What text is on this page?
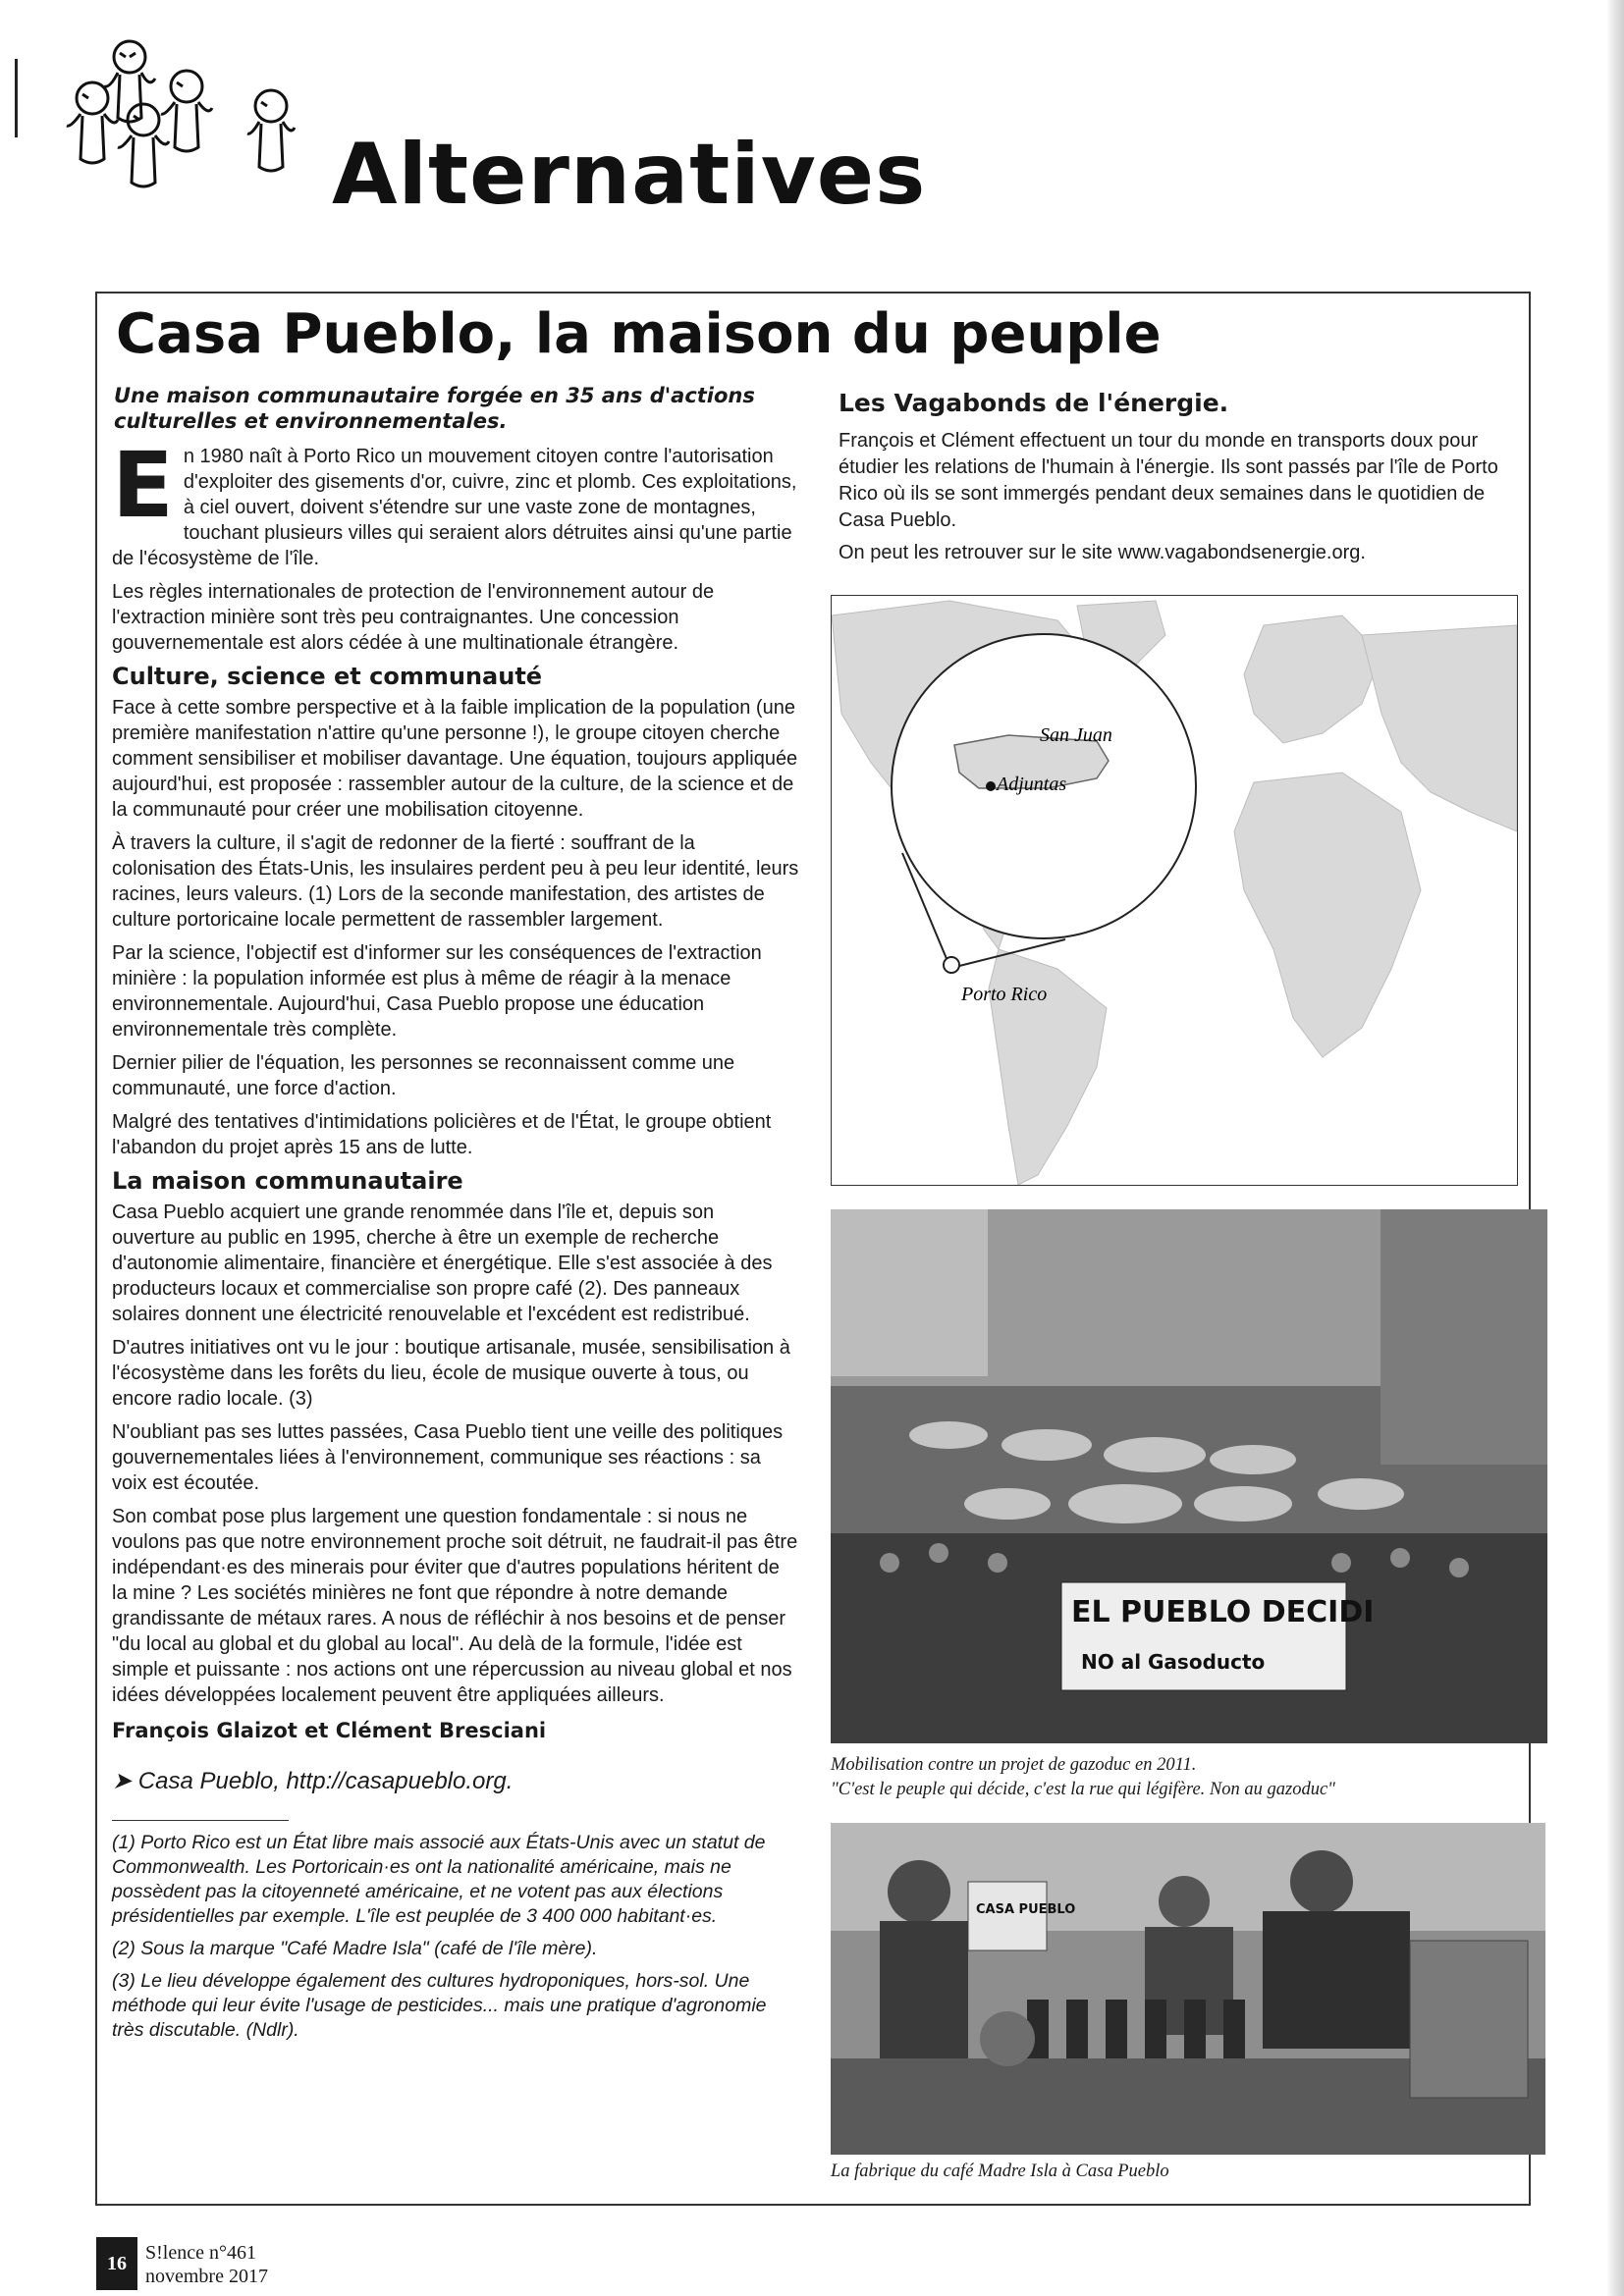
Alternatives
Casa Pueblo, la maison du peuple
Une maison communautaire forgée en 35 ans d'actions culturelles et environnementales.

En 1980 naît à Porto Rico un mouvement citoyen contre l'autorisation d'exploiter des gisements d'or, cuivre, zinc et plomb. Ces exploitations, à ciel ouvert, doivent s'étendre sur une vaste zone de montagnes, touchant plusieurs villes qui seraient alors détruites ainsi qu'une partie de l'écosystème de l'île.

Les règles internationales de protection de l'environnement autour de l'extraction minière sont très peu contraignantes. Une concession gouvernementale est alors cédée à une multinationale étrangère.

Culture, science et communauté

Face à cette sombre perspective et à la faible implication de la population (une première manifestation n'attire qu'une personne !), le groupe citoyen cherche comment sensibiliser et mobiliser davantage. Une équation, toujours appliquée aujourd'hui, est proposée : rassembler autour de la culture, de la science et de la communauté pour créer une mobilisation citoyenne.

À travers la culture, il s'agit de redonner de la fierté : souffrant de la colonisation des États-Unis, les insulaires perdent peu à peu leur identité, leurs racines, leurs valeurs. (1) Lors de la seconde manifestation, des artistes de culture portoricaine locale permettent de rassembler largement.

Par la science, l'objectif est d'informer sur les conséquences de l'extraction minière : la population informée est plus à même de réagir à la menace environnementale. Aujourd'hui, Casa Pueblo propose une éducation environnementale très complète.

Dernier pilier de l'équation, les personnes se reconnaissent comme une communauté, une force d'action.

Malgré des tentatives d'intimidations policières et de l'État, le groupe obtient l'abandon du projet après 15 ans de lutte.

La maison communautaire

Casa Pueblo acquiert une grande renommée dans l'île et, depuis son ouverture au public en 1995, cherche à être un exemple de recherche d'autonomie alimentaire, financière et énergétique. Elle s'est associée à des producteurs locaux et commercialise son propre café (2). Des panneaux solaires donnent une électricité renouvelable et l'excédent est redistribué.

D'autres initiatives ont vu le jour : boutique artisanale, musée, sensibilisation à l'écosystème dans les forêts du lieu, école de musique ouverte à tous, ou encore radio locale. (3)

N'oubliant pas ses luttes passées, Casa Pueblo tient une veille des politiques gouvernementales liées à l'environnement, communique ses réactions : sa voix est écoutée.

Son combat pose plus largement une question fondamentale : si nous ne voulons pas que notre environnement proche soit détruit, ne faudrait-il pas être indépendant·es des minerais pour éviter que d'autres populations héritent de la mine ? Les sociétés minières ne font que répondre à notre demande grandissante de métaux rares. A nous de réfléchir à nos besoins et de penser "du local au global et du global au local". Au delà de la formule, l'idée est simple et puissante : nos actions ont une répercussion au niveau global et nos idées développées localement peuvent être appliquées ailleurs.

François Glaizot et Clément Bresciani

➤ Casa Pueblo, http://casapueblo.org.

(1) Porto Rico est un État libre mais associé aux États-Unis avec un statut de Commonwealth. Les Portoricain·es ont la nationalité américaine, mais ne possèdent pas la citoyenneté américaine, et ne votent pas aux élections présidentielles par exemple. L'île est peuplée de 3 400 000 habitant·es.

(2) Sous la marque "Café Madre Isla" (café de l'île mère).

(3) Le lieu développe également des cultures hydroponiques, hors-sol. Une méthode qui leur évite l'usage de pesticides... mais une pratique d'agronomie très discutable. (Ndlr).

Les Vagabonds de l'énergie.

François et Clément effectuent un tour du monde en transports doux pour étudier les relations de l'humain à l'énergie. Ils sont passés par l'île de Porto Rico où ils se sont immergés pendant deux semaines dans le quotidien de Casa Pueblo.

On peut les retrouver sur le site www.vagabondsenergie.org.

San Juan
Adjuntas
Porto Rico
EL PUEBLO DECIDI
NO al Gasoducto
Mobilisation contre un projet de gazoduc en 2011.
"C'est le peuple qui décide, c'est la rue qui légifère. Non au gazoduc"
CASA PUEBLO
La fabrique du café Madre Isla à Casa Pueblo
16 S!lence n°461
novembre 2017
